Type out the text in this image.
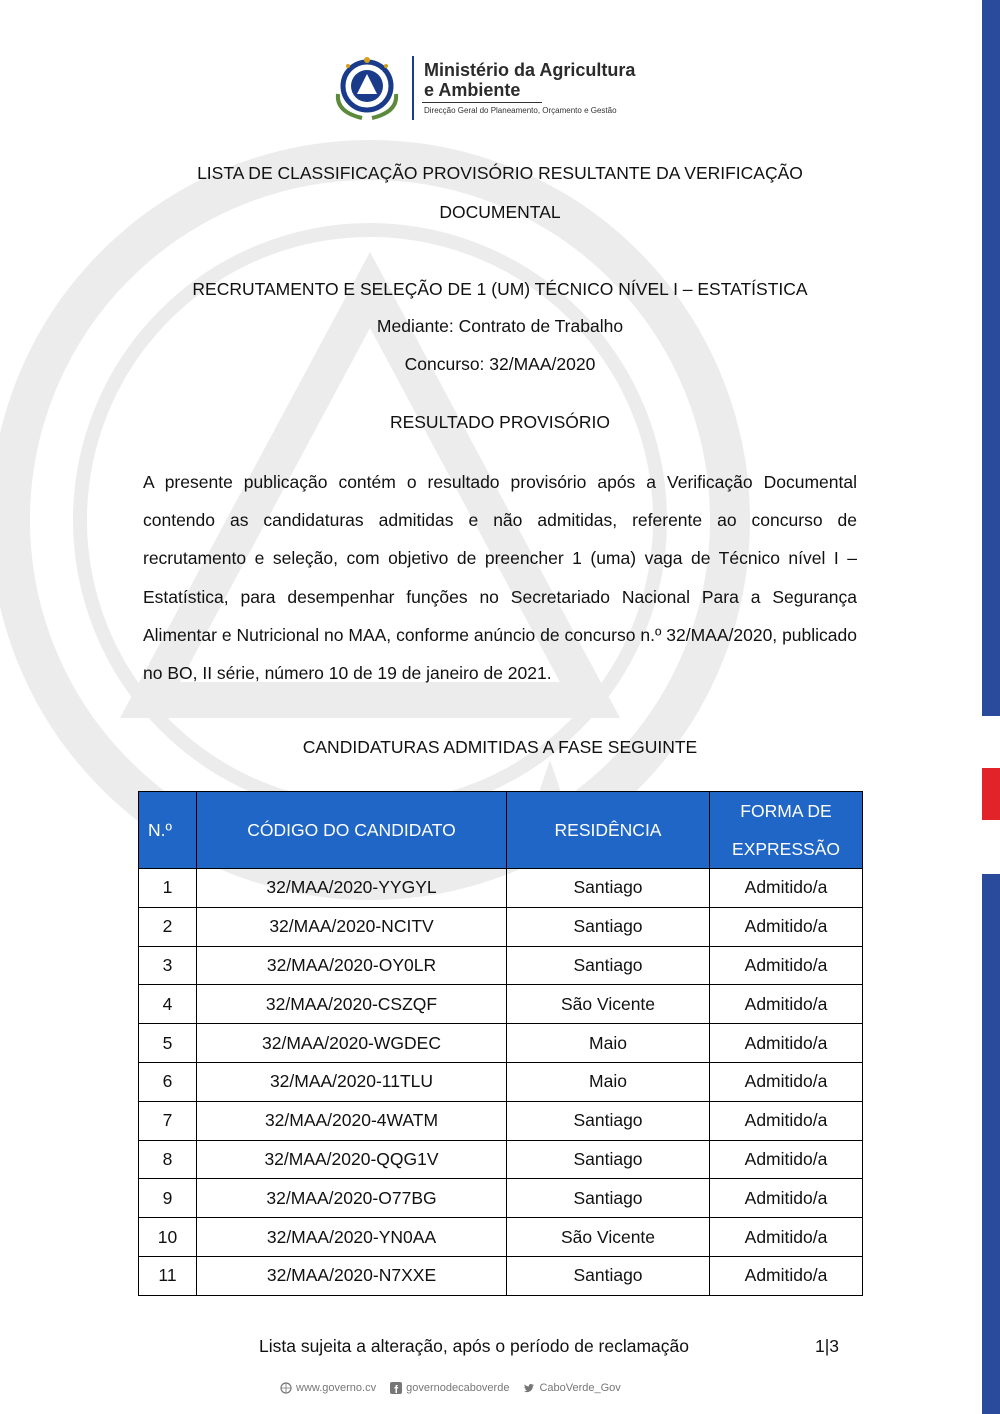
Ministério da Agricultura
e Ambiente
Direcção Geral do Planeamento, Orçamento e Gestão
LISTA DE CLASSIFICAÇÃO PROVISÓRIO RESULTANTE DA VERIFICAÇÃO
DOCUMENTAL
RECRUTAMENTO E SELEÇÃO DE 1 (UM) TÉCNICO NÍVEL I – ESTATÍSTICA
Mediante: Contrato de Trabalho
Concurso: 32/MAA/2020
RESULTADO PROVISÓRIO

A presente publicação contém o resultado provisório após a Verificação Documental contendo as candidaturas admitidas e não admitidas, referente ao concurso de recrutamento e seleção, com objetivo de preencher 1 (uma) vaga de Técnico nível I – Estatística, para desempenhar funções no Secretariado Nacional Para a Segurança Alimentar e Nutricional no MAA, conforme anúncio de concurso n.º 32/MAA/2020, publicado no BO, II série, número 10 de 19 de janeiro de 2021.

CANDIDATURAS ADMITIDAS A FASE SEGUINTE
N.º	CÓDIGO DO CANDIDATO	RESIDÊNCIA	FORMA DE EXPRESSÃO
1	32/MAA/2020-YYGYL	Santiago	Admitido/a
2	32/MAA/2020-NCITV	Santiago	Admitido/a
3	32/MAA/2020-OY0LR	Santiago	Admitido/a
4	32/MAA/2020-CSZQF	São Vicente	Admitido/a
5	32/MAA/2020-WGDEC	Maio	Admitido/a
6	32/MAA/2020-11TLU	Maio	Admitido/a
7	32/MAA/2020-4WATM	Santiago	Admitido/a
8	32/MAA/2020-QQG1V	Santiago	Admitido/a
9	32/MAA/2020-O77BG	Santiago	Admitido/a
10	32/MAA/2020-YN0AA	São Vicente	Admitido/a
11	32/MAA/2020-N7XXE	Santiago	Admitido/a
Lista sujeita a alteração, após o período de reclamação	1|3
www.governo.cv	governodecaboverde	CaboVerde_Gov
